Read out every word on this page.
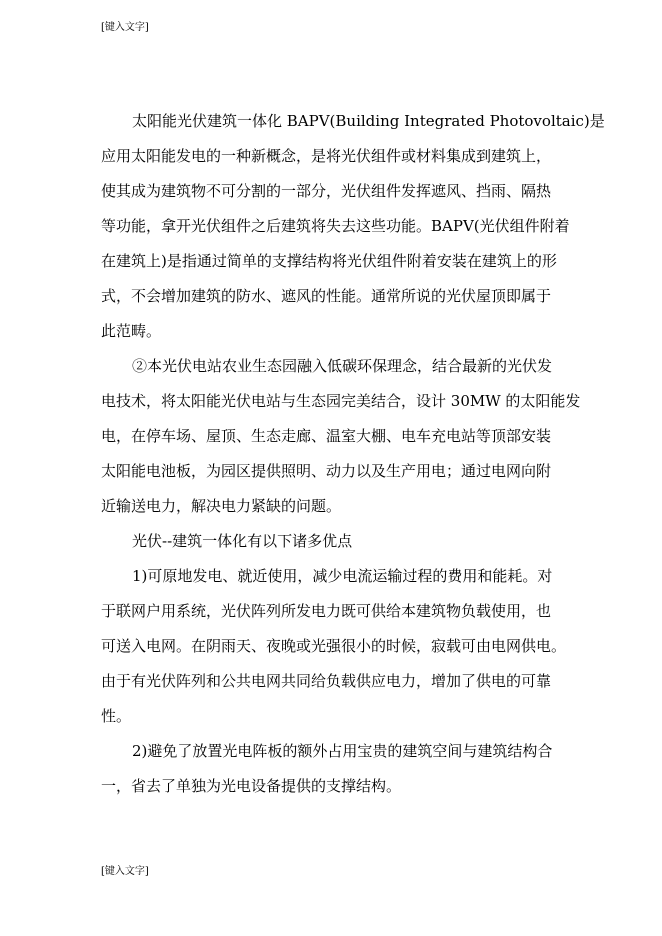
[键入文字]
太阳能光伏建筑一体化 BAPV(Building Integrated Photovoltaic)是
应用太阳能发电的一种新概念，是将光伏组件或材料集成到建筑上，
使其成为建筑物不可分割的一部分，光伏组件发挥遮风、挡雨、隔热
等功能，拿开光伏组件之后建筑将失去这些功能。BAPV(光伏组件附着
在建筑上)是指通过简单的支撑结构将光伏组件附着安装在建筑上的形
式，不会增加建筑的防水、遮风的性能。通常所说的光伏屋顶即属于
此范畴。
②本光伏电站农业生态园融入低碳环保理念，结合最新的光伏发
电技术，将太阳能光伏电站与生态园完美结合，设计 30MW 的太阳能发
电，在停车场、屋顶、生态走廊、温室大棚、电车充电站等顶部安装
太阳能电池板，为园区提供照明、动力以及生产用电；通过电网向附
近输送电力，解决电力紧缺的问题。
光伏--建筑一体化有以下诸多优点
1)可原地发电、就近使用，减少电流运输过程的费用和能耗。对
于联网户用系统，光伏阵列所发电力既可供给本建筑物负载使用，也
可送入电网。在阴雨天、夜晚或光强很小的时候，寂载可由电网供电。
由于有光伏阵列和公共电网共同给负载供应电力，增加了供电的可靠
性。
2)避免了放置光电阵板的额外占用宝贵的建筑空间与建筑结构合
一，省去了单独为光电设备提供的支撑结构。
[键入文字]
